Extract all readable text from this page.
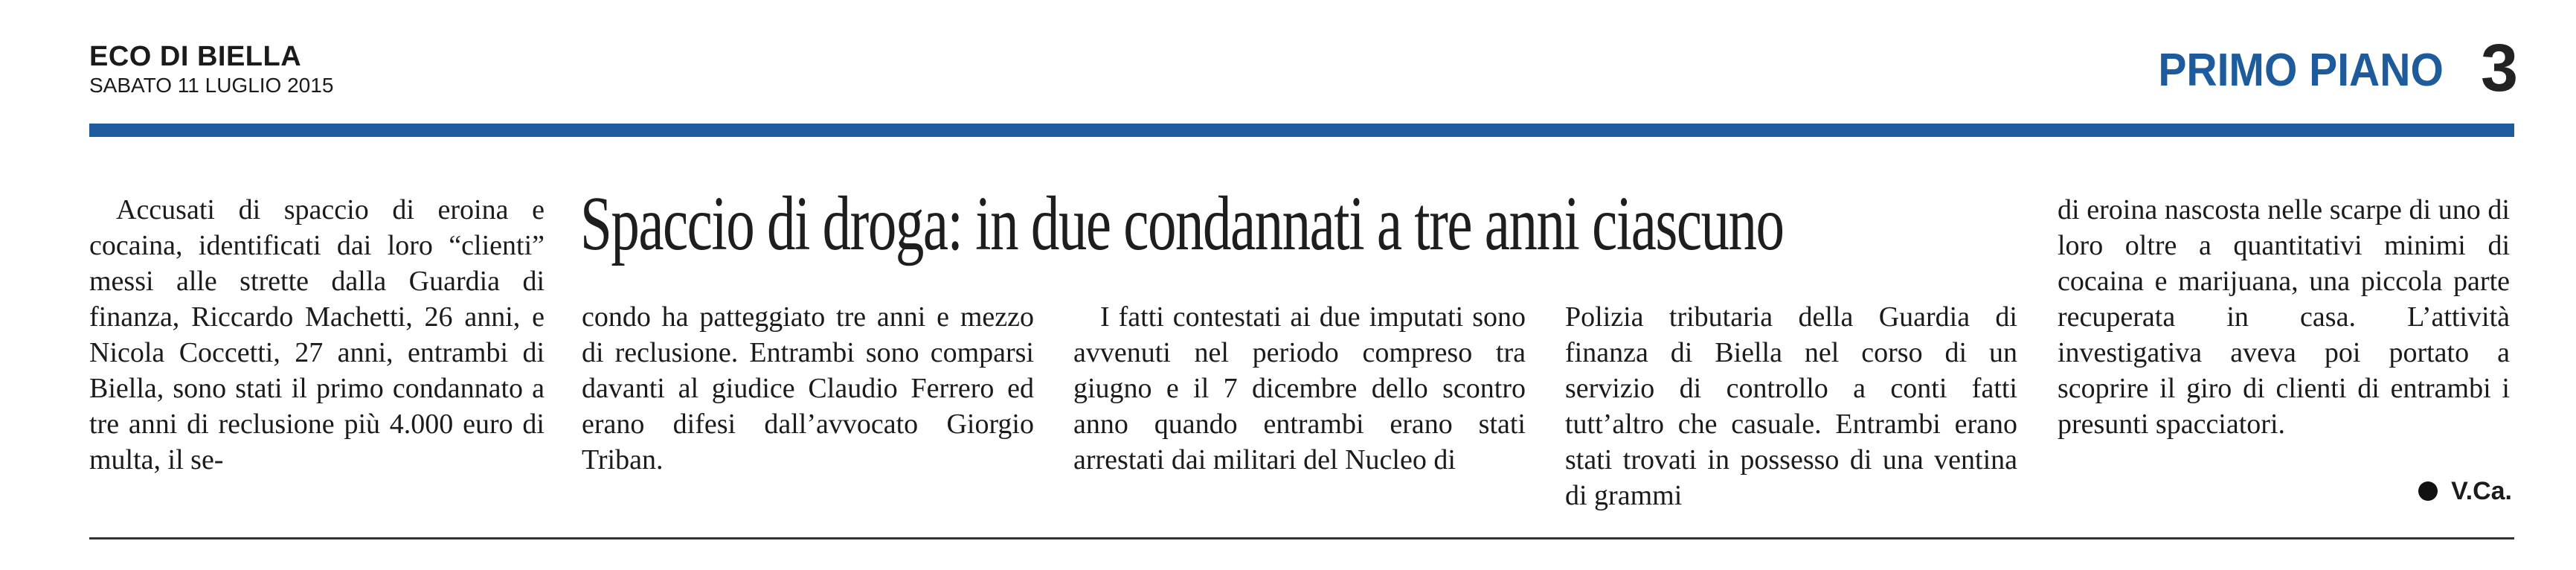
ECO DI BIELLA
SABATO 11 LUGLIO 2015	PRIMO PIANO 3
Spaccio di droga: in due condannati a tre anni ciascuno

Accusati di spaccio di eroina e cocaina, identificati dai loro “clienti” messi alle strette dalla Guardia di finanza, Riccardo Machetti, 26 anni, e Nicola Coccetti, 27 anni, entrambi di Biella, sono stati il primo condannato a tre anni di reclusione più 4.000 euro di multa, il se-

condo ha patteggiato tre anni e mezzo di reclusione. Entrambi sono comparsi davanti al giudice Claudio Ferrero ed erano difesi dall’avvocato Giorgio Triban.

I fatti contestati ai due imputati sono avvenuti nel periodo compreso tra giugno e il 7 dicembre dello scontro anno quando entrambi erano stati arrestati dai militari del Nucleo di

Polizia tributaria della Guardia di finanza di Biella nel corso di un servizio di controllo a conti fatti tutt’altro che casuale. Entrambi erano stati trovati in possesso di una ventina di grammi

di eroina nascosta nelle scarpe di uno di loro oltre a quantitativi minimi di cocaina e marijuana, una piccola parte recuperata in casa. L’attività investigativa aveva poi portato a scoprire il giro di clienti di entrambi i presunti spacciatori.

V.Ca.
